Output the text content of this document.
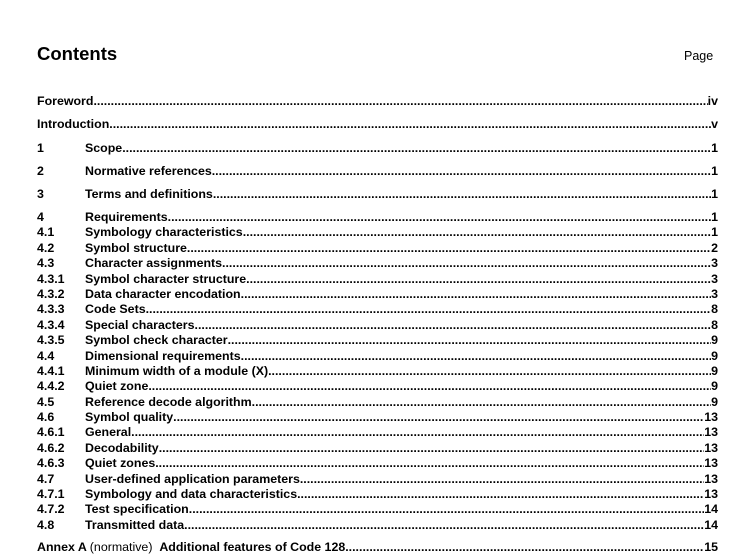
Contents	Page
Foreword .....	iv
Introduction .....	v
1	Scope .....	1
2	Normative references .....	1
3	Terms and definitions .....	1
4	Requirements .....	1
4.1 Symbology characteristics .....	1
4.2 Symbol structure .....	2
4.3 Character assignments .....	3
4.3.1 Symbol character structure .....	3
4.3.2 Data character encodation .....	3
4.3.3 Code Sets .....	8
4.3.4 Special characters .....	8
4.3.5 Symbol check character .....	9
4.4 Dimensional requirements .....	9
4.4.1 Minimum width of a module (X) .....	9
4.4.2 Quiet zone .....	9
4.5 Reference decode algorithm .....	9
4.6 Symbol quality .....	13
4.6.1 General .....	13
4.6.2 Decodability .....	13
4.6.3 Quiet zones .....	13
4.7 User-defined application parameters .....	13
4.7.1 Symbology and data characteristics .....	13
4.7.2 Test specification .....	14
4.8 Transmitted data .....	14
Annex A (normative) Additional features of Code 128 .....	15
